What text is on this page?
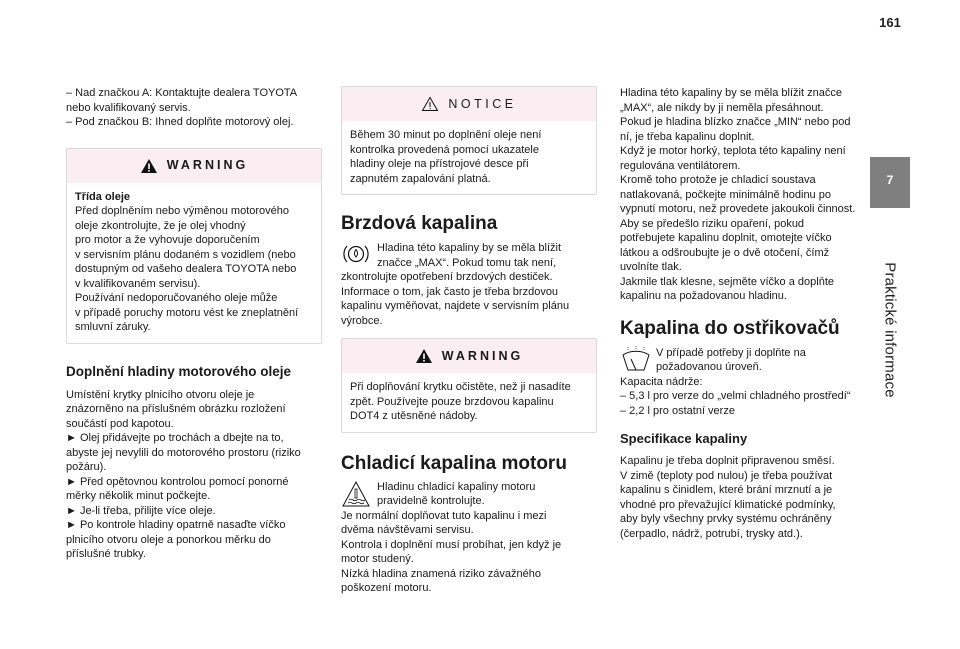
161
7
Praktické informace

– Nad značkou A: Kontaktujte dealera TOYOTA
nebo kvalifikovaný servis.
– Pod značkou B: Ihned doplňte motorový olej.

WARNING

Třída oleje

Před doplněním nebo výměnou motorového
oleje zkontrolujte, že je olej vhodný
pro motor a že vyhovuje doporučením
v servisním plánu dodaném s vozidlem (nebo
dostupným od vašeho dealera TOYOTA nebo
v kvalifikovaném servisu).
Používání nedoporučovaného oleje může
v případě poruchy motoru vést ke zneplatnění
smluvní záruky.

Doplnění hladiny motorového oleje

Umístění krytky plnicího otvoru oleje je
znázorněno na příslušném obrázku rozložení
součástí pod kapotou.
► Olej přidávejte po trochách a dbejte na to,
abyste jej nevylili do motorového prostoru (riziko
požáru).
► Před opětovnou kontrolou pomocí ponorné
měrky několik minut počkejte.
► Je-li třeba, přilijte více oleje.
► Po kontrole hladiny opatrně nasaďte víčko
plnicího otvoru oleje a ponorkou měrku do
příslušné trubky.

NOTICE

Během 30 minut po doplnění oleje není
kontrolka provedená pomocí ukazatele
hladiny oleje na přístrojové desce při
zapnutém zapalování platná.

Brzdová kapalina

Hladina této kapaliny by se měla blížit
značce „MAX“. Pokud tomu tak není,

zkontrolujte opotřebení brzdových destiček.
Informace o tom, jak často je třeba brzdovou
kapalinu vyměňovat, najdete v servisním plánu
výrobce.

WARNING

Při doplňování krytku očistěte, než ji nasadíte
zpět. Používejte pouze brzdovou kapalinu
DOT4 z utěsněné nádoby.

Chladicí kapalina motoru

Hladinu chladicí kapaliny motoru
pravidelně kontrolujte.

Je normální doplňovat tuto kapalinu i mezi
dvěma návštěvami servisu.
Kontrola i doplnění musí probíhat, jen když je
motor studený.
Nízká hladina znamená riziko závažného
poškození motoru.

Hladina této kapaliny by se měla blížit značce
„MAX“, ale nikdy by ji neměla přesáhnout.
Pokud je hladina blízko značce „MIN“ nebo pod
ní, je třeba kapalinu doplnit.
Když je motor horký, teplota této kapaliny není
regulována ventilátorem.
Kromě toho protože je chladicí soustava
natlakovaná, počkejte minimálně hodinu po
vypnutí motoru, než provedete jakoukoli činnost.
Aby se předešlo riziku opaření, pokud
potřebujete kapalinu doplnit, omotejte víčko
látkou a odšroubujte je o dvě otočení, čímž
uvolníte tlak.
Jakmile tlak klesne, sejměte víčko a doplňte
kapalinu na požadovanou hladinu.

Kapalina do ostřikovačů

V případě potřeby ji doplňte na
požadovanou úroveň.

Kapacita nádrže:
– 5,3 l pro verze do „velmi chladného prostředí“
– 2,2 l pro ostatní verze

Specifikace kapaliny

Kapalinu je třeba doplnit připravenou směsí.
V zimě (teploty pod nulou) je třeba používat
kapalinu s činidlem, které brání mrznutí a je
vhodné pro převažující klimatické podmínky,
aby byly všechny prvky systému ochráněny
(čerpadlo, nádrž, potrubí, trysky atd.).
